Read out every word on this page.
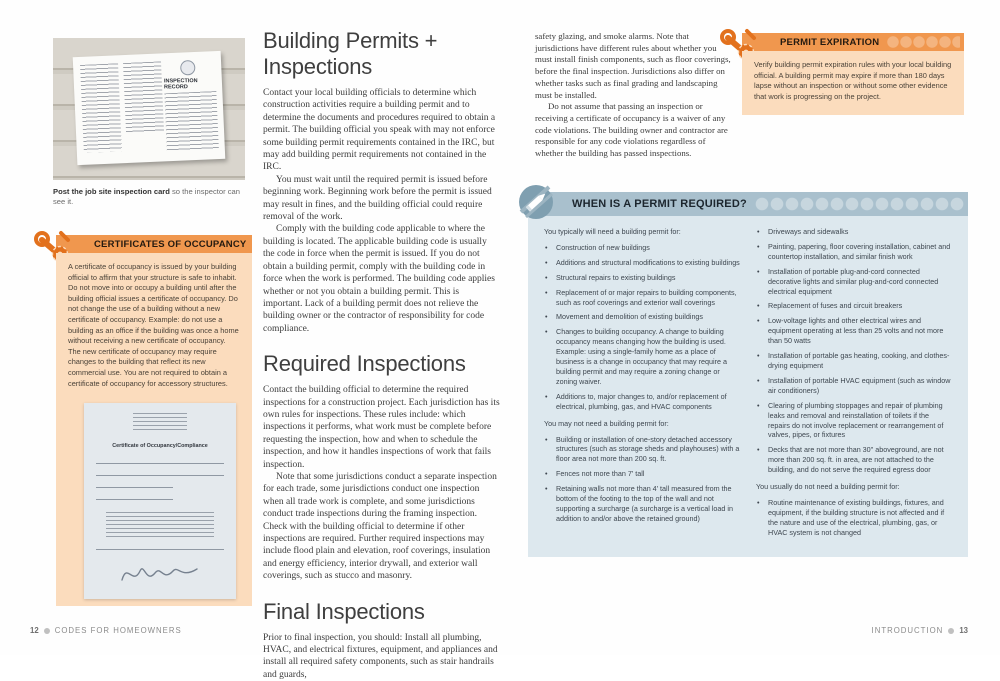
INSPECTION RECORD
Post the job site inspection card so the inspector can see it.
CERTIFICATES OF OCCUPANCY
A certificate of occupancy is issued by your building official to affirm that your structure is safe to inhabit. Do not move into or occupy a building until after the building official issues a certificate of occupancy. Do not change the use of a building without a new certificate of occupancy. Example: do not use a building as an office if the building was once a home without receiving a new certificate of occupancy. The new certificate of occupancy may require changes to the building that reflect its new commercial use. You are not required to obtain a certificate of occupancy for accessory structures.
Certificate of Occupancy/Compliance
Building Permits + Inspections

Contact your local building officials to determine which construction activities require a building permit and to determine the documents and procedures required to obtain a permit. The building official you speak with may not enforce some building permit requirements contained in the IRC, but may add building permit requirements not contained in the IRC.

You must wait until the required permit is issued before beginning work. Beginning work before the permit is issued may result in fines, and the building official could require removal of the work.

Comply with the building code applicable to where the building is located. The applicable building code is usually the code in force when the permit is issued. If you do not obtain a building permit, comply with the building code in force when the work is performed. The building code applies whether or not you obtain a building permit. This is important. Lack of a building permit does not relieve the building owner or the contractor of responsibility for code compliance.

Required Inspections

Contact the building official to determine the required inspections for a construction project. Each jurisdiction has its own rules for inspections. These rules include: which inspections it performs, what work must be complete before requesting the inspection, how and when to schedule the inspection, and how it handles inspections of work that fails inspection.

Note that some jurisdictions conduct a separate inspection for each trade, some jurisdictions conduct one inspection when all trade work is complete, and some jurisdictions conduct trade inspections during the framing inspection. Check with the building official to determine if other inspections are required. Further required inspections may include flood plain and elevation, roof coverings, insulation and energy efficiency, interior drywall, and exterior wall coverings, such as stucco and masonry.

Final Inspections

Prior to final inspection, you should: Install all plumbing, HVAC, and electrical fixtures, equipment, and appliances and install all required safety components, such as stair handrails and guards,

safety glazing, and smoke alarms. Note that jurisdictions have different rules about whether you must install finish components, such as floor coverings, before the final inspection. Jurisdictions also differ on whether tasks such as final grading and landscaping must be installed.

Do not assume that passing an inspection or receiving a certificate of occupancy is a waiver of any code violations. The building owner and contractor are responsible for any code violations regardless of whether the building has passed inspections.

PERMIT EXPIRATION
Verify building permit expiration rules with your local building official. A building permit may expire if more than 180 days lapse without an inspection or without some other evidence that work is progressing on the project.
WHEN IS A PERMIT REQUIRED?

You typically will need a building permit for:

• Construction of new buildings
• Additions and structural modifications to existing buildings
• Structural repairs to existing buildings
• Replacement of or major repairs to building components, such as roof coverings and exterior wall coverings
• Movement and demolition of existing buildings
• Changes to building occupancy. A change to building occupancy means changing how the building is used. Example: using a single-family home as a place of business is a change in occupancy that may require a building permit and may require a zoning change or zoning waiver.
• Additions to, major changes to, and/or replacement of electrical, plumbing, gas, and HVAC components

You may not need a building permit for:

• Building or installation of one-story detached accessory structures (such as storage sheds and playhouses) with a floor area not more than 200 sq. ft.
• Fences not more than 7' tall
• Retaining walls not more than 4' tall measured from the bottom of the footing to the top of the wall and not supporting a surcharge (a surcharge is a vertical load in addition to and/or above the retained ground)
• Driveways and sidewalks
• Painting, papering, floor covering installation, cabinet and countertop installation, and similar finish work
• Installation of portable plug-and-cord connected decorative lights and similar plug-and-cord connected electrical equipment
• Replacement of fuses and circuit breakers
• Low-voltage lights and other electrical wires and equipment operating at less than 25 volts and not more than 50 watts
• Installation of portable gas heating, cooking, and clothes-drying equipment
• Installation of portable HVAC equipment (such as window air conditioners)
• Clearing of plumbing stoppages and repair of plumbing leaks and removal and reinstallation of toilets if the repairs do not involve replacement or rearrangement of valves, pipes, or fixtures
• Decks that are not more than 30" aboveground, are not more than 200 sq. ft. in area, are not attached to the building, and do not serve the required egress door

You usually do not need a building permit for:

• Routine maintenance of existing buildings, fixtures, and equipment, if the building structure is not affected and if the nature and use of the electrical, plumbing, gas, or HVAC system is not changed
12 CODES FOR HOMEOWNERS	INTRODUCTION 13
